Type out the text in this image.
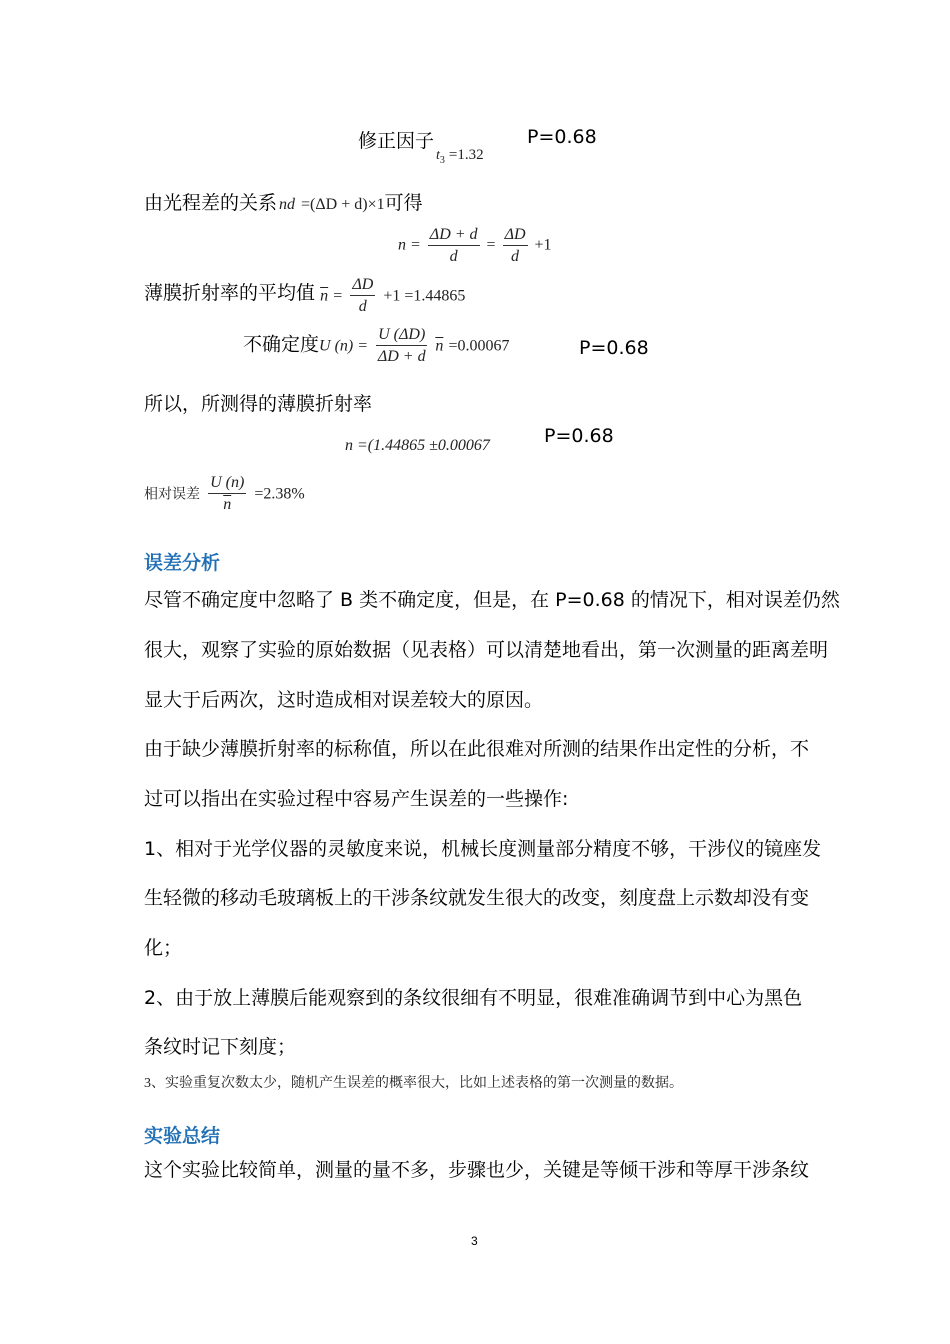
修正因子$t_3 =1.32$
P=0.68
由光程差的关系 nd =(ΔD + d)×1可得
$n = \frac{\Delta D + d}{d} = \frac{\Delta D}{d} +1$
薄膜折射率的平均值 $\overline{n} = \frac{\Delta D}{d} +1 =1.44865$
不确定度U $(n) = \frac{U (\Delta D)}{\Delta D + d} \overline{n} =0.00067$	P=0.68
所以，所测得的薄膜折射率
n =(1.44865 ±0.00067	P=0.68
相对误差 $\frac{U (n)}{n} =2.38\%$
误差分析
尽管不确定度中忽略了 B 类不确定度，但是，在 P=0.68 的情况下，相对误差仍然
很大，观察了实验的原始数据（见表格）可以清楚地看出，第一次测量的距离差明
显大于后两次，这时造成相对误差较大的原因。
由于缺少薄膜折射率的标称值，所以在此很难对所测的结果作出定性的分析，不
过可以指出在实验过程中容易产生误差的一些操作:
1、相对于光学仪器的灵敏度来说，机械长度测量部分精度不够，干涉仪的镜座发
生轻微的移动毛玻璃板上的干涉条纹就发生很大的改变，刻度盘上示数却没有变
化；
2、由于放上薄膜后能观察到的条纹很细有不明显，很难准确调节到中心为黑色
条纹时记下刻度；
3、实验重复次数太少，随机产生误差的概率很大，比如上述表格的第一次测量的数据。
实验总结
这个实验比较简单，测量的量不多，步骤也少，关键是等倾干涉和等厚干涉条纹
3
